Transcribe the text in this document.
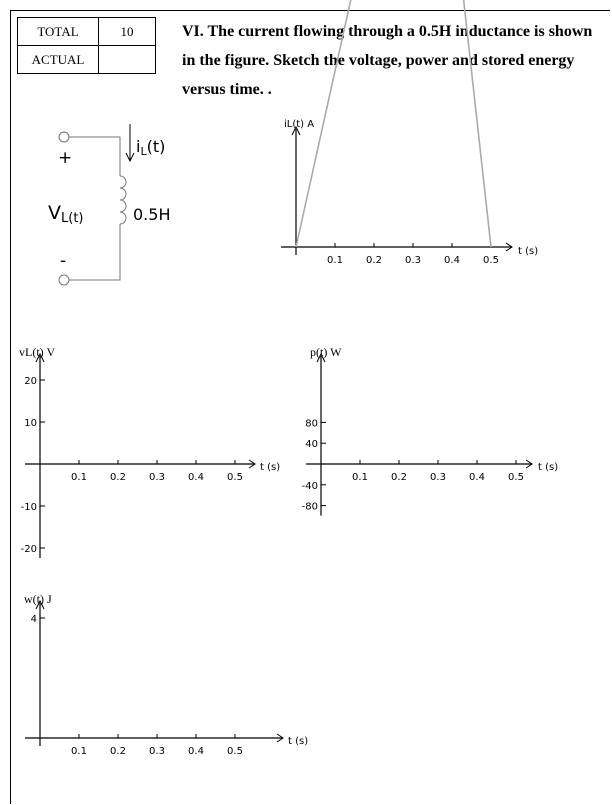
TOTAL	10
ACTUAL	
VI. The current flowing through a 0.5H inductance is shown in the figure. Sketch the voltage, power and stored energy versus time. .
+
-
VL(t)
iL(t)
0.5H
iL(t) A
t (s)
0.1 0.2 0.3 0.4 0.5
vL(t) V
t (s)
0.1 0.2 0.3 0.4 0.5
20
10
-10
-20
p(t) W
t (s)
0.1 0.2 0.3 0.4 0.5
80
40
-40
-80
w(t) J
t (s)
0.1 0.2 0.3 0.4 0.5
4
